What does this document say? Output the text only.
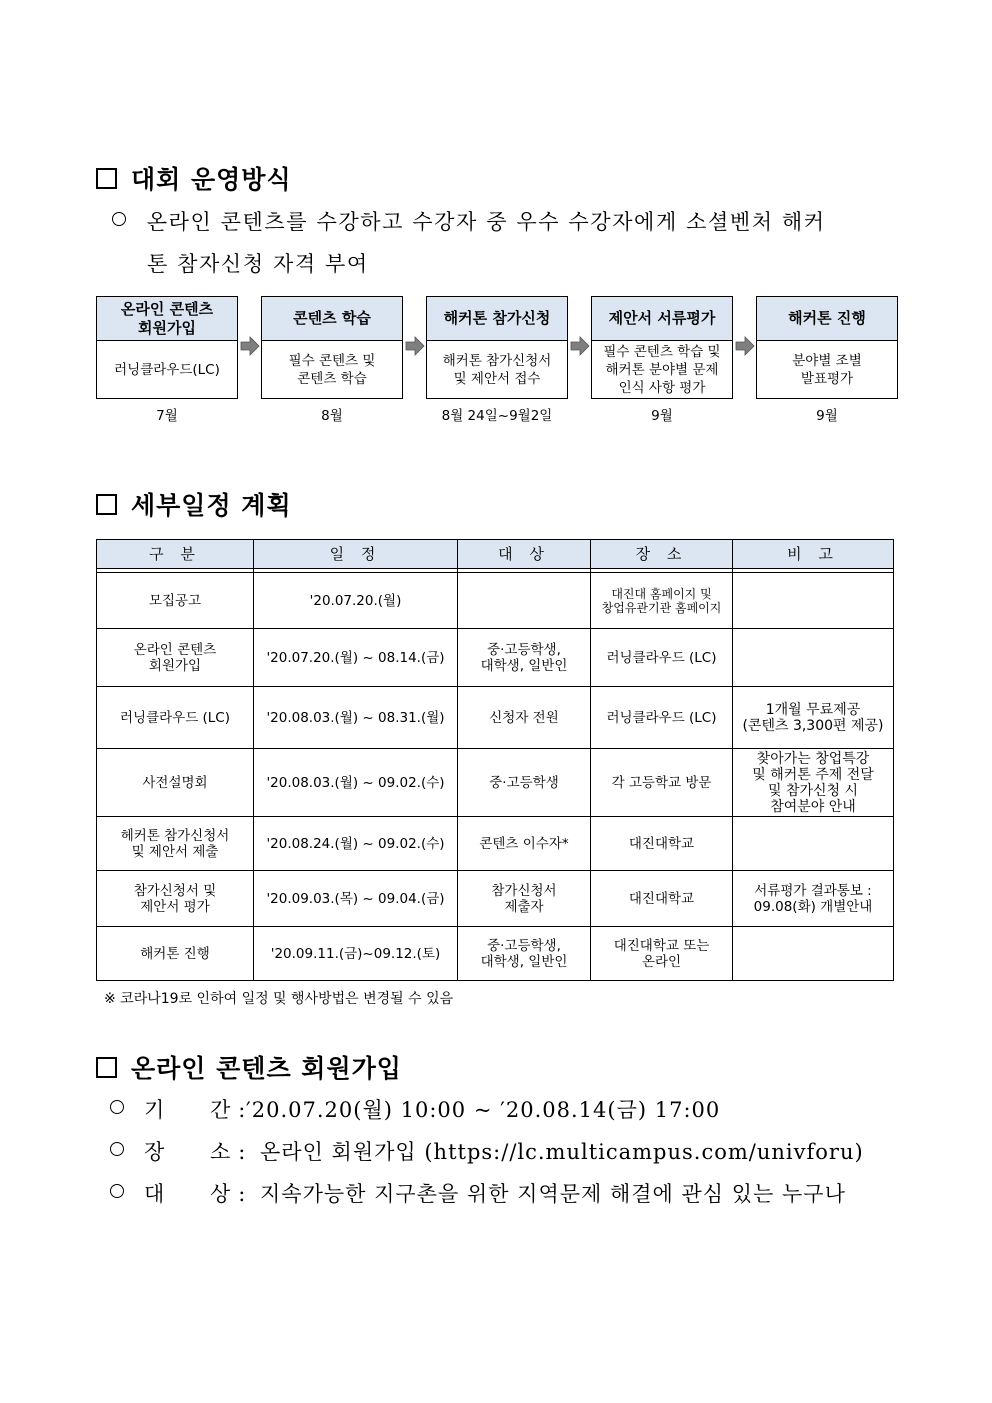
대회 운영방식
온라인 콘텐츠를 수강하고 수강자 중 우수 수강자에게 소셜벤처 해커
톤 참자신청 자격 부여
온라인 콘텐츠
회원가입
러닝클라우드(LC)
7월
콘텐츠 학습
필수 콘텐츠 및
콘텐츠 학습
8월
해커톤 참가신청
해커톤 참가신청서
및 제안서 접수
8월 24일~9월2일
제안서 서류평가
필수 콘텐츠 학습 및
해커톤 분야별 문제
인식 사항 평가
9월
해커톤 진행
분야별 조별
발표평가
9월
세부일정 계획
구 분	일 정	대 상	장 소	비 고

모집공고	'20.07.20.(월)		대진대 홈페이지 및
창업유관기관 홈페이지	
온라인 콘텐츠
회원가입	'20.07.20.(월) ~ 08.14.(금)	중·고등학생,
대학생, 일반인	러닝클라우드 (LC)	
러닝클라우드 (LC)	'20.08.03.(월) ~ 08.31.(월)	신청자 전원	러닝클라우드 (LC)	1개월 무료제공
(콘텐츠 3,300편 제공)
사전설명회	'20.08.03.(월) ~ 09.02.(수)	중·고등학생	각 고등학교 방문	찾아가는 창업특강
및 해커톤 주제 전달
및 참가신청 시
참여분야 안내
헤커톤 참가신청서
및 제안서 제출	'20.08.24.(월) ~ 09.02.(수)	콘텐츠 이수자*	대진대학교	
참가신청서 및
제안서 평가	'20.09.03.(목) ~ 09.04.(금)	참가신청서
제출자	대진대학교	서류평가 결과통보 :
09.08(화) 개별안내
해커톤 진행	'20.09.11.(금)~09.12.(토)	중·고등학생,
대학생, 일반인	대진대학교 또는
온라인	
※ 코라나19로 인하여 일정 및 행사방법은 변경될 수 있음
온라인 콘텐츠 회원가입
기 간 :′20.07.20(월) 10:00 ~ ′20.08.14(금) 17:00
장 소 : 온라인 회원가입 (https://lc.multicampus.com/univforu)
대 상 : 지속가능한 지구촌을 위한 지역문제 해결에 관심 있는 누구나
